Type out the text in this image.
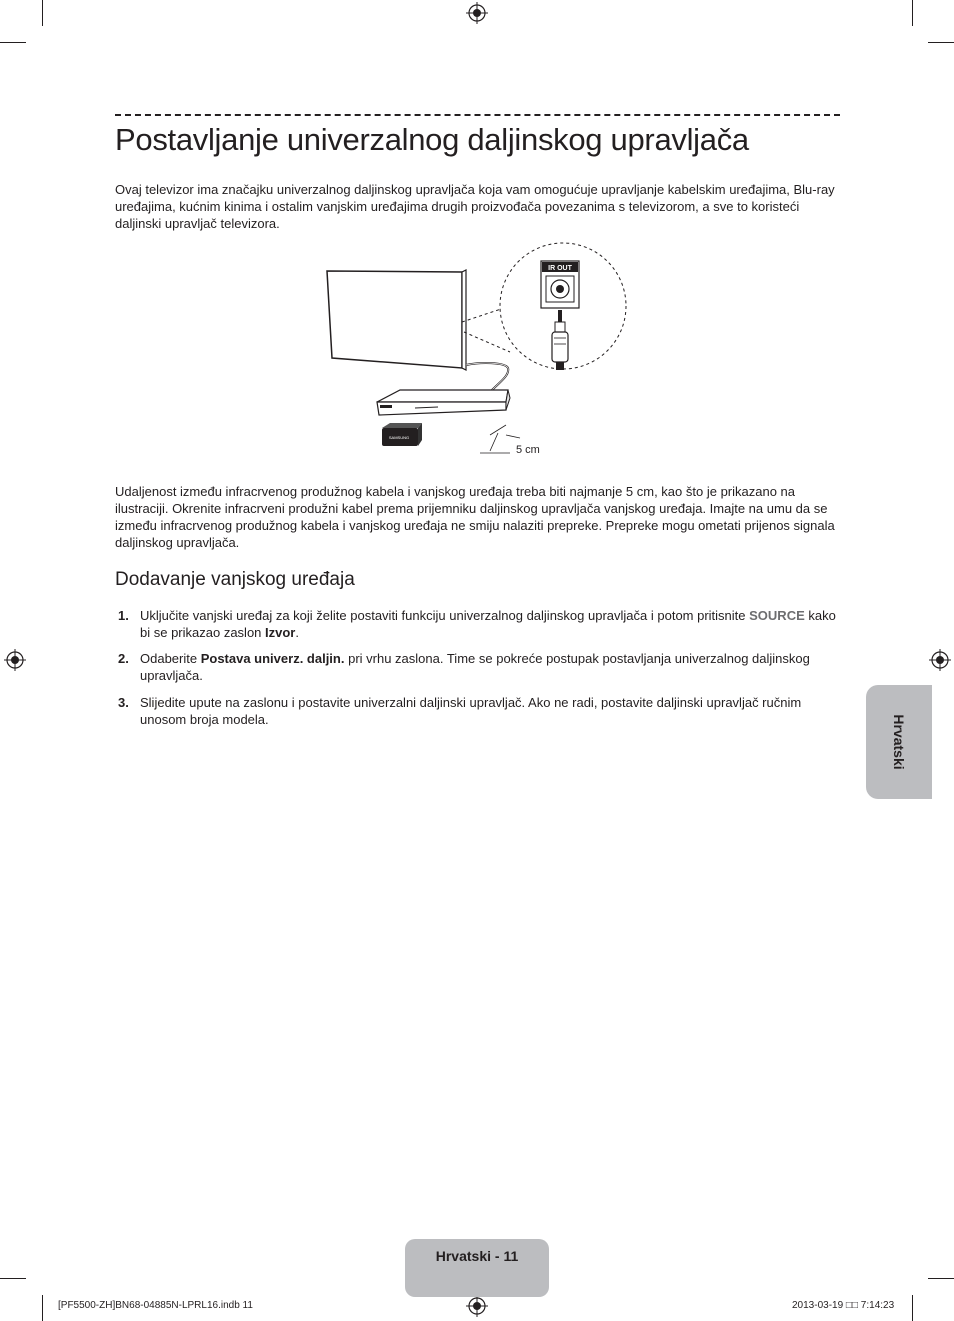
Postavljanje univerzalnog daljinskog upravljača

Ovaj televizor ima značajku univerzalnog daljinskog upravljača koja vam omogućuje upravljanje kabelskim uređajima, Blu-ray uređajima, kućnim kinima i ostalim vanjskim uređajima drugih proizvođača povezanima s televizorom, a sve to koristeći daljinski upravljač televizora.

IR OUT
SAMSUNG
5 cm

Udaljenost između infracrvenog produžnog kabela i vanjskog uređaja treba biti najmanje 5 cm, kao što je prikazano na ilustraciji. Okrenite infracrveni produžni kabel prema prijemniku daljinskog upravljača vanjskog uređaja. Imajte na umu da se između infracrvenog produžnog kabela i vanjskog uređaja ne smiju nalaziti prepreke. Prepreke mogu ometati prijenos signala daljinskog upravljača.

Dodavanje vanjskog uređaja
1. Uključite vanjski uređaj za koji želite postaviti funkciju univerzalnog daljinskog upravljača i potom pritisnite SOURCE kako bi se prikazao zaslon Izvor.
2. Odaberite Postava univerz. daljin. pri vrhu zaslona. Time se pokreće postupak postavljanja univerzalnog daljinskog upravljača.
3. Slijedite upute na zaslonu i postavite univerzalni daljinski upravljač. Ako ne radi, postavite daljinski upravljač ručnim unosom broja modela.	Hrvatski
Hrvatski - 11
[PF5500-ZH]BN68-04885N-LPRL16.indb 11	2013-03-19 □□ 7:14:23
